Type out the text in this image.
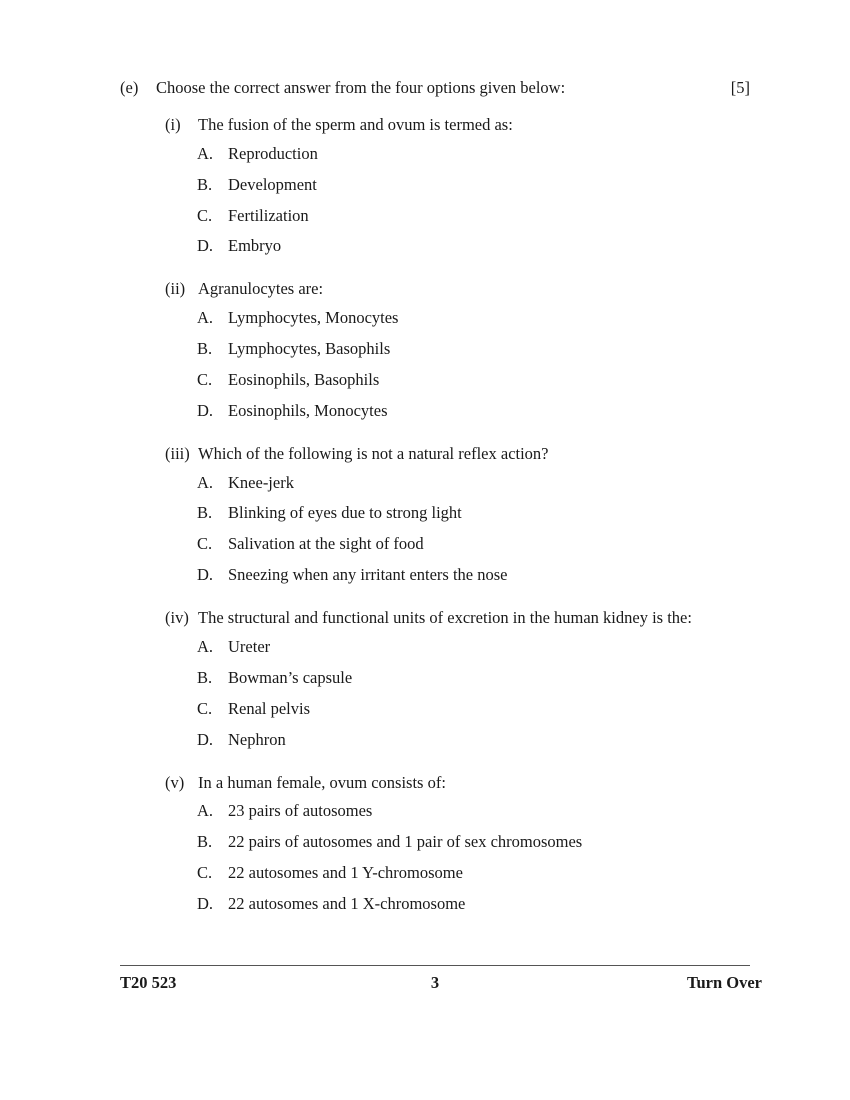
(e)	Choose the correct answer from the four options given below:	[5]
(i)	The fusion of the sperm and ovum is termed as:
A. Reproduction
B. Development
C. Fertilization
D. Embryo
(ii) Agranulocytes are:
A. Lymphocytes, Monocytes
B. Lymphocytes, Basophils
C. Eosinophils, Basophils
D. Eosinophils, Monocytes
(iii) Which of the following is not a natural reflex action?
A. Knee-jerk
B. Blinking of eyes due to strong light
C. Salivation at the sight of food
D. Sneezing when any irritant enters the nose
(iv) The structural and functional units of excretion in the human kidney is the:
A. Ureter
B. Bowman’s capsule
C. Renal pelvis
D. Nephron
(v) In a human female, ovum consists of:
A. 23 pairs of autosomes
B. 22 pairs of autosomes and 1 pair of sex chromosomes
C. 22 autosomes and 1 Y-chromosome
D. 22 autosomes and 1 X-chromosome
T20 523	3	Turn Over
